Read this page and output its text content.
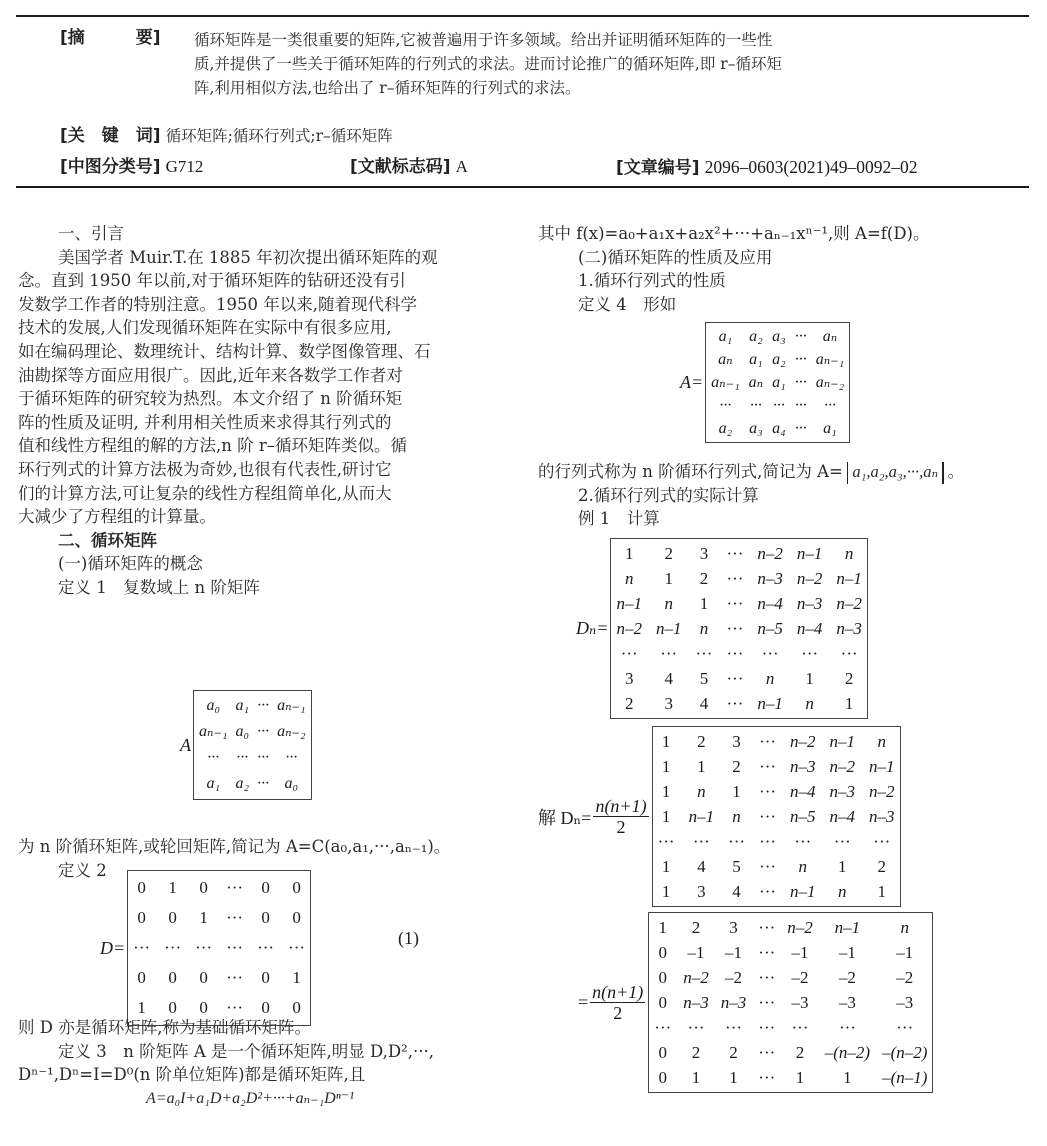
[摘　　　要] 循环矩阵是一类很重要的矩阵,它被普遍用于许多领域。给出并证明循环矩阵的一些性
质,并提供了一些关于循环矩阵的行列式的求法。进而讨论推广的循环矩阵,即 r–循环矩
阵,利用相似方法,也给出了 r–循环矩阵的行列式的求法。
[关　键　词] 循环矩阵;循环行列式;r–循环矩阵
[中图分类号] G712	[文献标志码] A	[文章编号] 2096–0603(2021)49–0092–02

一、引言

美国学者 Muir.T.在 1885 年初次提出循环矩阵的观

念。直到 1950 年以前,对于循环矩阵的钻研还没有引

发数学工作者的特别注意。1950 年以来,随着现代科学

技术的发展,人们发现循环矩阵在实际中有很多应用,

如在编码理论、数理统计、结构计算、数学图像管理、石

油勘探等方面应用很广。因此,近年来各数学工作者对

于循环矩阵的研究较为热烈。本文介绍了 n 阶循环矩

阵的性质及证明, 并利用相关性质来求得其行列式的

值和线性方程组的解的方法,n 阶 r–循环矩阵类似。循

环行列式的计算方法极为奇妙,也很有代表性,研讨它

们的计算方法,可让复杂的线性方程组简单化,从而大

大减少了方程组的计算量。

二、循环矩阵

(一)循环矩阵的概念

定义 1　复数域上 n 阶矩阵

A
a₀ a₁ ··· aₙ₋₁
aₙ₋₁ a₀ ··· aₙ₋₂
···	··· ···	···
a₁ a₂ ··· a₀

为 n 阶循环矩阵,或轮回矩阵,简记为 A=C(a₀,a₁,···,aₙ₋₁)。

定义 2

D=
0 1 0 ··· 0 0
0 0 1 ··· 0 0
··· ··· ··· ··· ··· ···
0 0 0 ··· 0 1
1 0 0 ··· 0 0
(1)

则 D 亦是循环矩阵,称为基础循环矩阵。

定义 3　n 阶矩阵 A 是一个循环矩阵,明显 D,D²,···,

Dⁿ⁻¹,Dⁿ=I=D⁰(n 阶单位矩阵)都是循环矩阵,且

A=a₀I+a₁D+a₂D²+···+aₙ₋₁Dⁿ⁻¹

其中 f(x)=a₀+a₁x+a₂x²+···+aₙ₋₁xⁿ⁻¹,则 A=f(D)。

(二)循环矩阵的性质及应用

1.循环行列式的性质

定义 4　形如

A=
a₁	a₂ a₃ ···	aₙ
aₙ	a₁ a₂ ··· aₙ₋₁
aₙ₋₁ aₙ a₁ ··· aₙ₋₂
···	··· ··· ···	···
a₂	a₃ a₄ ···	a₁

的行列式称为 n 阶循环行列式,简记为 A= a₁,a₂,a₃,···,aₙ 。

2.循环行列式的实际计算

例 1　计算

Dₙ=
1	2	3 ··· n–2 n–1	n
n	1	2 ··· n–3 n–2 n–1
n–1	n	1 ··· n–4 n–3 n–2
n–2 n–1 n ··· n–5 n–4 n–3
··· ··· ··· ··· ··· ··· ···
3	4	5 ···	n	1	2
2	3	4 ··· n–1	n	1
解 $D_n= \frac{n(n+1)}{2}$
1	2	3 ··· n–2 n–1	n
1	1	2 ··· n–3 n–2 n–1
1	n	1 ··· n–4 n–3 n–2
1 n–1 n ··· n–5 n–4 n–3
··· ··· ··· ··· ··· ··· ···
1	4	5 ···	n	1	2
1	3	4 ··· n–1	n	1
= $\frac{n(n+1)}{2}$
1	2	3	··· n–2	n–1	n
0 –1 –1 ··· –1	–1	–1
0 n–2 –2 ··· –2	–2	–2
0 n–3 n–3 ··· –3	–3	–3
··· ··· ··· ··· ···	···	···
0	2	2	···	2	–(n–2) –(n–2)
0	1	1	···	1	1	–(n–1)
